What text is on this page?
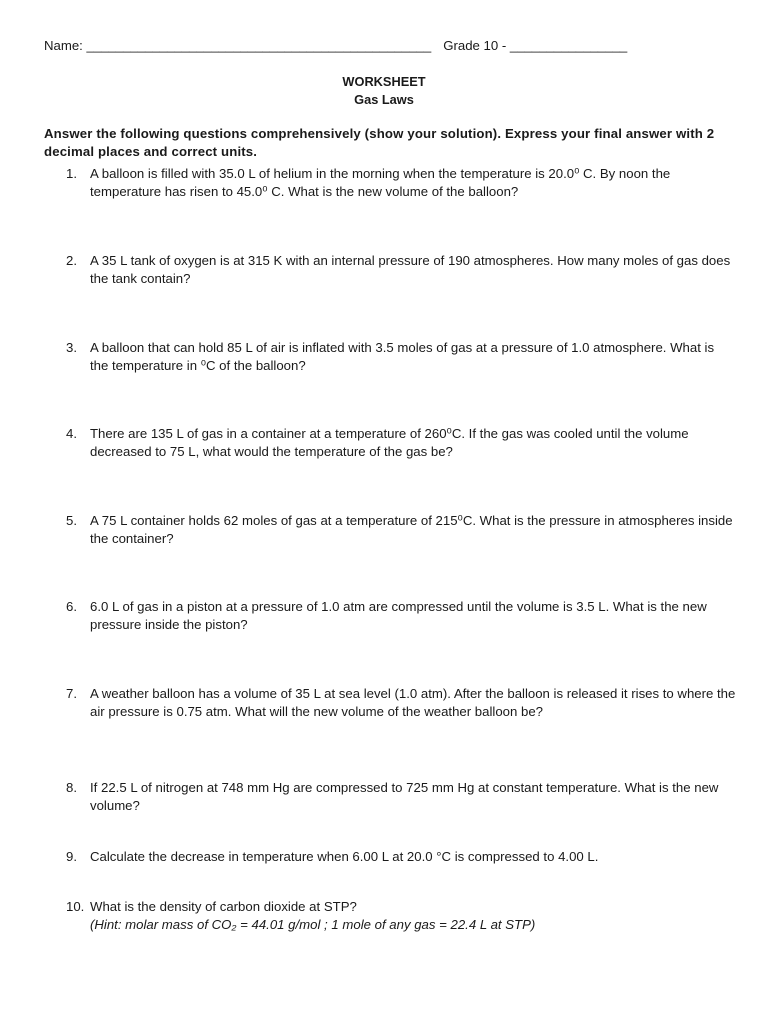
Name: _______________________________________________ Grade 10 - ________________
WORKSHEET
Gas Laws
Answer the following questions comprehensively (show your solution). Express your final answer with 2 decimal places and correct units.
1. A balloon is filled with 35.0 L of helium in the morning when the temperature is 20.0⁰ C. By noon the temperature has risen to 45.0⁰ C. What is the new volume of the balloon?
2. A 35 L tank of oxygen is at 315 K with an internal pressure of 190 atmospheres. How many moles of gas does the tank contain?
3. A balloon that can hold 85 L of air is inflated with 3.5 moles of gas at a pressure of 1.0 atmosphere. What is the temperature in ⁰C of the balloon?
4. There are 135 L of gas in a container at a temperature of 260⁰C. If the gas was cooled until the volume decreased to 75 L, what would the temperature of the gas be?
5. A 75 L container holds 62 moles of gas at a temperature of 215⁰C. What is the pressure in atmospheres inside the container?
6. 6.0 L of gas in a piston at a pressure of 1.0 atm are compressed until the volume is 3.5 L. What is the new pressure inside the piston?
7. A weather balloon has a volume of 35 L at sea level (1.0 atm). After the balloon is released it rises to where the air pressure is 0.75 atm. What will the new volume of the weather balloon be?
8. If 22.5 L of nitrogen at 748 mm Hg are compressed to 725 mm Hg at constant temperature. What is the new volume?
9. Calculate the decrease in temperature when 6.00 L at 20.0 °C is compressed to 4.00 L.
10. What is the density of carbon dioxide at STP?
(Hint: molar mass of CO₂ = 44.01 g/mol ; 1 mole of any gas = 22.4 L at STP)
